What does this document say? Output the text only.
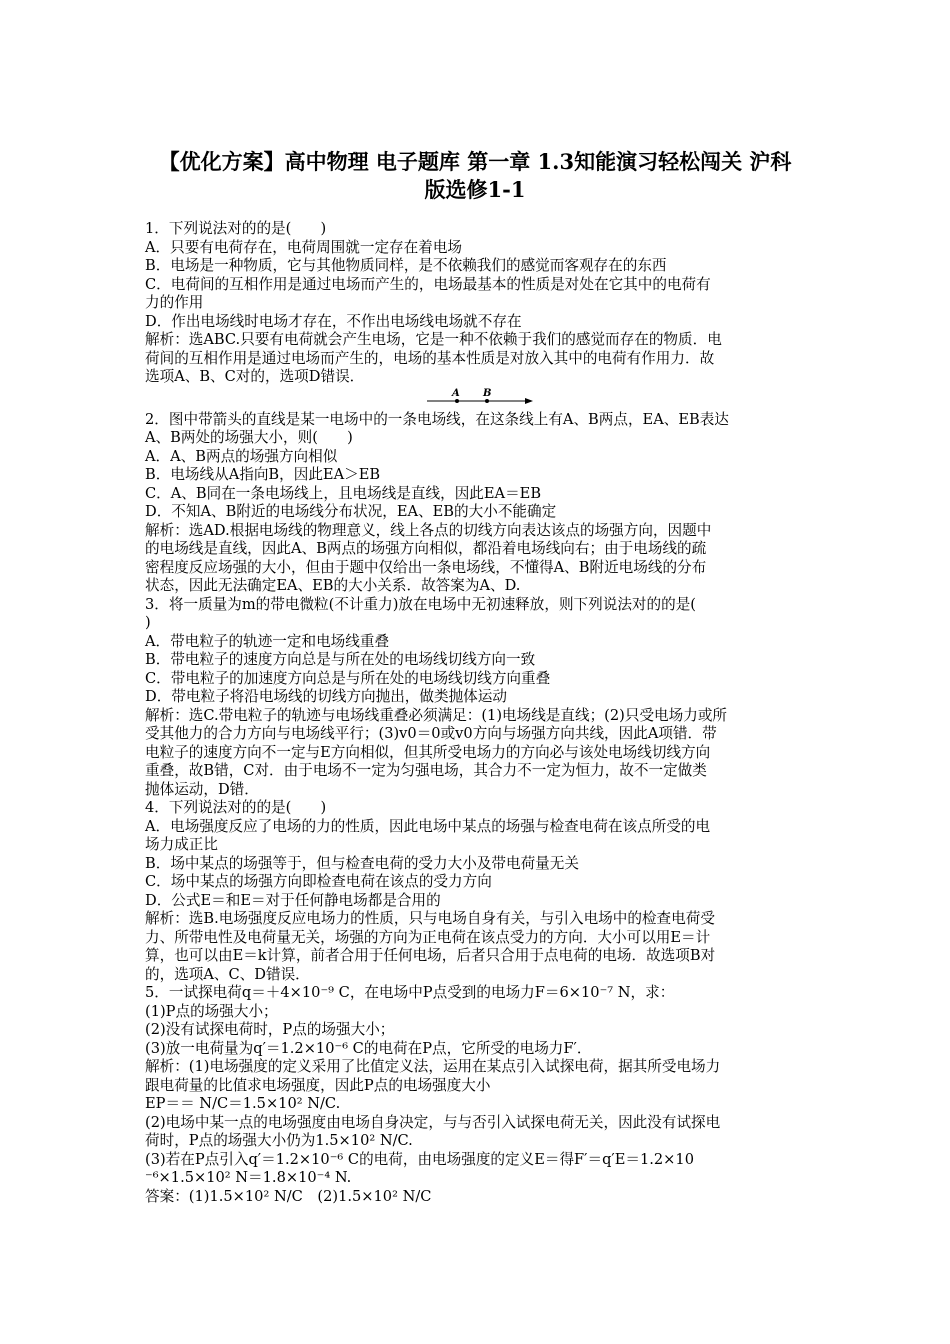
【优化方案】高中物理 电子题库 第一章 1.3知能演习轻松闯关 沪科
版选修1-1
1．下列说法对的的是(　　)
A．只要有电荷存在，电荷周围就一定存在着电场
B．电场是一种物质，它与其他物质同样，是不依赖我们的感觉而客观存在的东西
C．电荷间的互相作用是通过电场而产生的，电场最基本的性质是对处在它其中的电荷有
力的作用
D．作出电场线时电场才存在，不作出电场线电场就不存在
解析：选ABC.只要有电荷就会产生电场，它是一种不依赖于我们的感觉而存在的物质．电
荷间的互相作用是通过电场而产生的，电场的基本性质是对放入其中的电荷有作用力．故
选项A、B、C对的，选项D错误．
A B
2．图中带箭头的直线是某一电场中的一条电场线，在这条线上有A、B两点，EA、EB表达
A、B两处的场强大小，则(　　)
A．A、B两点的场强方向相似
B．电场线从A指向B，因此EA＞EB
C．A、B同在一条电场线上，且电场线是直线，因此EA＝EB
D．不知A、B附近的电场线分布状况，EA、EB的大小不能确定
解析：选AD.根据电场线的物理意义，线上各点的切线方向表达该点的场强方向，因题中
的电场线是直线，因此A、B两点的场强方向相似，都沿着电场线向右；由于电场线的疏
密程度反应场强的大小，但由于题中仅给出一条电场线，不懂得A、B附近电场线的分布
状态，因此无法确定EA、EB的大小关系．故答案为A、D.
3．将一质量为m的带电微粒(不计重力)放在电场中无初速释放，则下列说法对的的是(
)
A．带电粒子的轨迹一定和电场线重叠
B．带电粒子的速度方向总是与所在处的电场线切线方向一致
C．带电粒子的加速度方向总是与所在处的电场线切线方向重叠
D．带电粒子将沿电场线的切线方向抛出，做类抛体运动
解析：选C.带电粒子的轨迹与电场线重叠必须满足：(1)电场线是直线；(2)只受电场力或所
受其他力的合力方向与电场线平行；(3)v0＝0或v0方向与场强方向共线，因此A项错．带
电粒子的速度方向不一定与E方向相似，但其所受电场力的方向必与该处电场线切线方向
重叠，故B错，C对．由于电场不一定为匀强电场，其合力不一定为恒力，故不一定做类
抛体运动，D错．
4．下列说法对的的是(　　)
A．电场强度反应了电场的力的性质，因此电场中某点的场强与检查电荷在该点所受的电
场力成正比
B．场中某点的场强等于，但与检查电荷的受力大小及带电荷量无关
C．场中某点的场强方向即检查电荷在该点的受力方向
D．公式E＝和E＝对于任何静电场都是合用的
解析：选B.电场强度反应电场力的性质，只与电场自身有关，与引入电场中的检查电荷受
力、所带电性及电荷量无关，场强的方向为正电荷在该点受力的方向．大小可以用E＝计
算，也可以由E＝k计算，前者合用于任何电场，后者只合用于点电荷的电场．故选项B对
的，选项A、C、D错误．
5．一试探电荷q＝＋4×10⁻⁹ C，在电场中P点受到的电场力F＝6×10⁻⁷ N，求：
(1)P点的场强大小；
(2)没有试探电荷时，P点的场强大小；
(3)放一电荷量为q′＝1.2×10⁻⁶ C的电荷在P点，它所受的电场力F′．
解析：(1)电场强度的定义采用了比值定义法，运用在某点引入试探电荷，据其所受电场力
跟电荷量的比值求电场强度，因此P点的电场强度大小
EP＝＝ N/C＝1.5×10² N/C.
(2)电场中某一点的电场强度由电场自身决定，与与否引入试探电荷无关，因此没有试探电
荷时，P点的场强大小仍为1.5×10² N/C.
(3)若在P点引入q′＝1.2×10⁻⁶ C的电荷，由电场强度的定义E＝得F′＝q′E＝1.2×10
⁻⁶×1.5×10² N＝1.8×10⁻⁴ N.
答案：(1)1.5×10² N/C　(2)1.5×10² N/C
